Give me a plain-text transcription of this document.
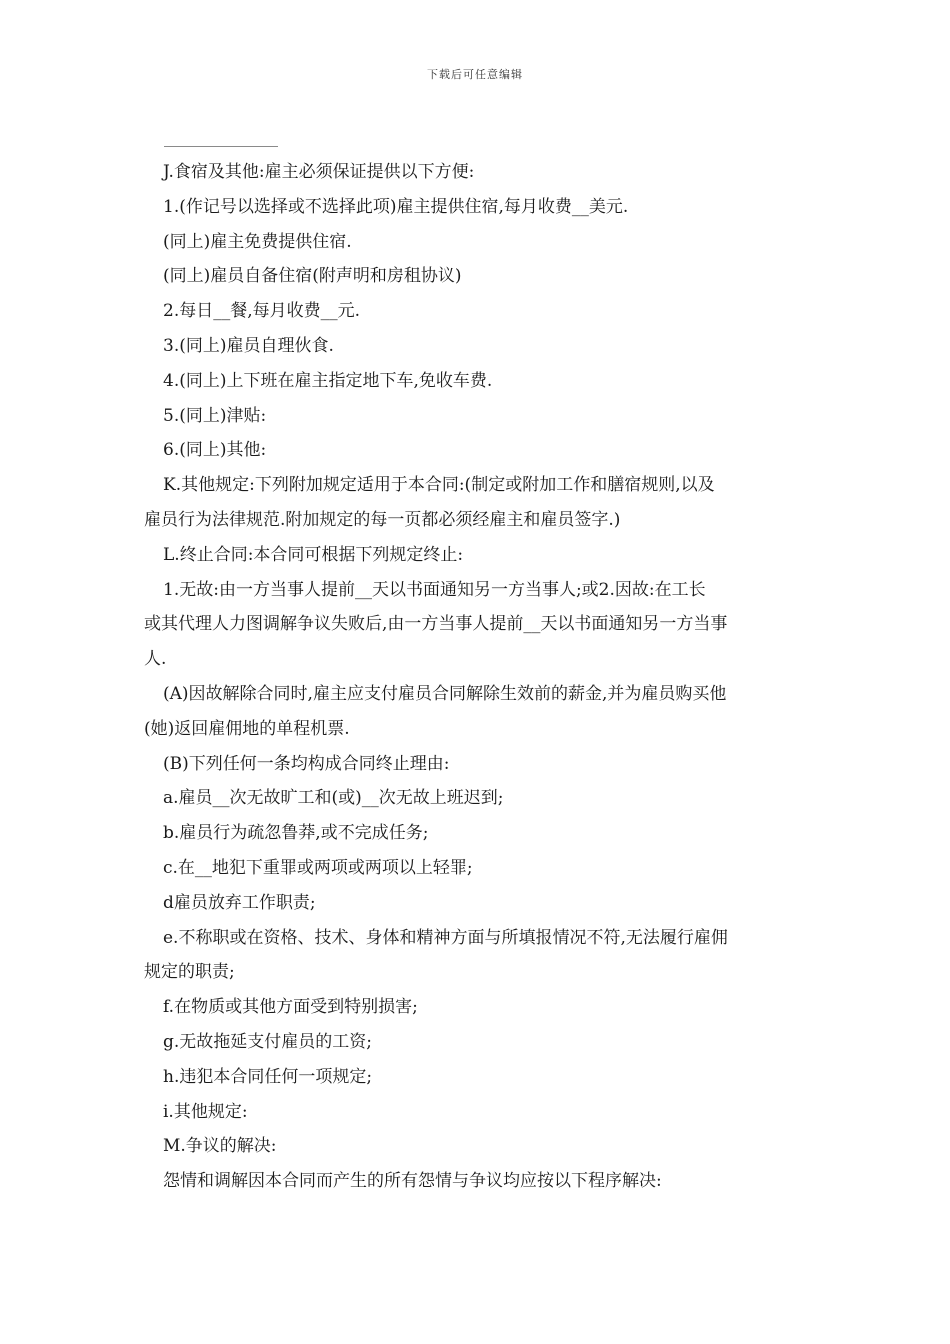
下载后可任意编辑
J.食宿及其他:雇主必须保证提供以下方便:
1.(作记号以选择或不选择此项)雇主提供住宿,每月收费__美元.
(同上)雇主免费提供住宿.
(同上)雇员自备住宿(附声明和房租协议)
2.每日__餐,每月收费__元.
3.(同上)雇员自理伙食.
4.(同上)上下班在雇主指定地下车,免收车费.
5.(同上)津贴:
6.(同上)其他:
K.其他规定:下列附加规定适用于本合同:(制定或附加工作和膳宿规则,以及
雇员行为法律规范.附加规定的每一页都必须经雇主和雇员签字.)
L.终止合同:本合同可根据下列规定终止:
1.无故:由一方当事人提前__天以书面通知另一方当事人;或2.因故:在工长
或其代理人力图调解争议失败后,由一方当事人提前__天以书面通知另一方当事
人.
(A)因故解除合同时,雇主应支付雇员合同解除生效前的薪金,并为雇员购买他
(她)返回雇佣地的单程机票.
(B)下列任何一条均构成合同终止理由:
a.雇员__次无故旷工和(或)__次无故上班迟到;
b.雇员行为疏忽鲁莽,或不完成任务;
c.在__地犯下重罪或两项或两项以上轻罪;
d雇员放弃工作职责;
e.不称职或在资格、技术、身体和精神方面与所填报情况不符,无法履行雇佣
规定的职责;
f.在物质或其他方面受到特别损害;
g.无故拖延支付雇员的工资;
h.违犯本合同任何一项规定;
i.其他规定:
M.争议的解决:
怨情和调解因本合同而产生的所有怨情与争议均应按以下程序解决:
